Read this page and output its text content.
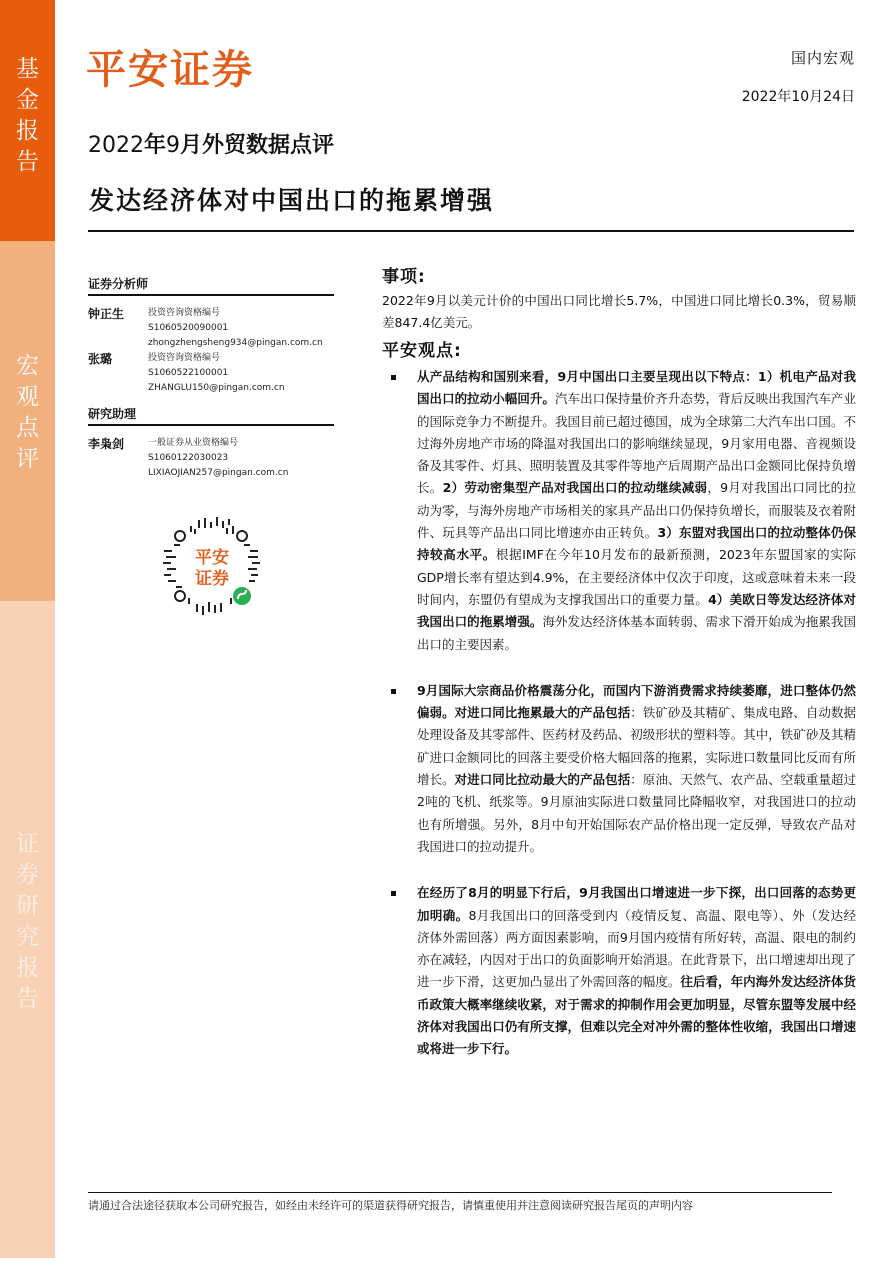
基
金
报
告
宏
观
点
评
证
券
研
究
报
告
平安证券	国内宏观
2022年10月24日
2022年9月外贸数据点评
发达经济体对中国出口的拖累增强
证券分析师
钟正生	投资咨询资格编号
S1060520090001
zhongzhengsheng934@pingan.com.cn
张璐	投资咨询资格编号
S1060522100001
ZHANGLU150@pingan.com.cn
研究助理
李枭剑	一般证券从业资格编号
S1060122030023
LIXIAOJIAN257@pingan.com.cn
平安
证券
事项:
2022年9月以美元计价的中国出口同比增长5.7%，中国进口同比增长0.3%，贸易顺差847.4亿美元。
平安观点:
从产品结构和国别来看，9月中国出口主要呈现出以下特点：1）机电产品对我国出口的拉动小幅回升。汽车出口保持量价齐升态势，背后反映出我国汽车产业的国际竞争力不断提升。我国目前已超过德国，成为全球第二大汽车出口国。不过海外房地产市场的降温对我国出口的影响继续显现，9月家用电器、音视频设备及其零件、灯具、照明装置及其零件等地产后周期产品出口金额同比保持负增长。2）劳动密集型产品对我国出口的拉动继续减弱，9月对我国出口同比的拉动为零，与海外房地产市场相关的家具产品出口仍保持负增长，而服装及衣着附件、玩具等产品出口同比增速亦由正转负。3）东盟对我国出口的拉动整体仍保持较高水平。根据IMF在今年10月发布的最新预测，2023年东盟国家的实际GDP增长率有望达到4.9%，在主要经济体中仅次于印度，这或意味着未来一段时间内，东盟仍有望成为支撑我国出口的重要力量。4）美欧日等发达经济体对我国出口的拖累增强。海外发达经济体基本面转弱、需求下滑开始成为拖累我国出口的主要因素。
9月国际大宗商品价格震荡分化，而国内下游消费需求持续萎靡，进口整体仍然偏弱。对进口同比拖累最大的产品包括：铁矿砂及其精矿、集成电路、自动数据处理设备及其零部件、医药材及药品、初级形状的塑料等。其中，铁矿砂及其精矿进口金额同比的回落主要受价格大幅回落的拖累，实际进口数量同比反而有所增长。对进口同比拉动最大的产品包括：原油、天然气、农产品、空载重量超过2吨的飞机、纸浆等。9月原油实际进口数量同比降幅收窄，对我国进口的拉动也有所增强。另外，8月中旬开始国际农产品价格出现一定反弹，导致农产品对我国进口的拉动提升。
在经历了8月的明显下行后，9月我国出口增速进一步下探，出口回落的态势更加明确。8月我国出口的回落受到内（疫情反复、高温、限电等）、外（发达经济体外需回落）两方面因素影响，而9月国内疫情有所好转，高温、限电的制约亦在减轻，内因对于出口的负面影响开始消退。在此背景下，出口增速却出现了进一步下滑，这更加凸显出了外需回落的幅度。往后看，年内海外发达经济体货币政策大概率继续收紧，对于需求的抑制作用会更加明显，尽管东盟等发展中经济体对我国出口仍有所支撑，但难以完全对冲外需的整体性收缩，我国出口增速或将进一步下行。
请通过合法途径获取本公司研究报告，如经由未经许可的渠道获得研究报告，请慎重使用并注意阅读研究报告尾页的声明内容
